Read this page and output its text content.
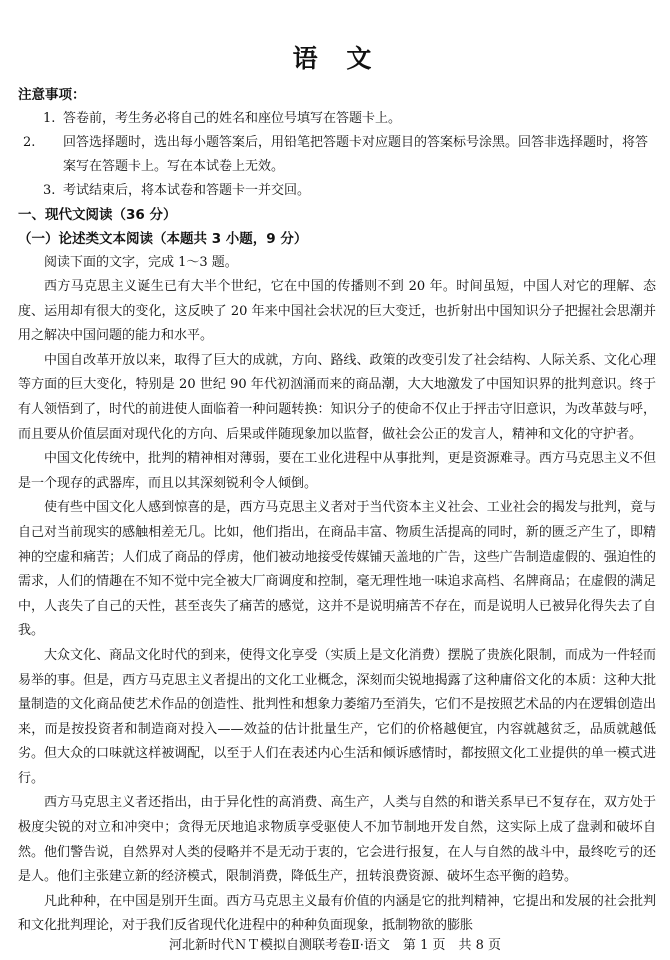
语 文
注意事项：
1. 答卷前，考生务必将自己的姓名和座位号填写在答题卡上。
2. 回答选择题时，选出每小题答案后，用铅笔把答题卡对应题目的答案标号涂黑。回答非选择题时，将答案写在答题卡上。写在本试卷上无效。
3. 考试结束后，将本试卷和答题卡一并交回。
一、现代文阅读（36 分）
（一）论述类文本阅读（本题共 3 小题，9 分）
阅读下面的文字，完成 1～3 题。

西方马克思主义诞生已有大半个世纪，它在中国的传播则不到 20 年。时间虽短，中国人对它的理解、态度、运用却有很大的变化，这反映了 20 年来中国社会状况的巨大变迁，也折射出中国知识分子把握社会思潮并用之解决中国问题的能力和水平。

中国自改革开放以来，取得了巨大的成就，方向、路线、政策的改变引发了社会结构、人际关系、文化心理等方面的巨大变化，特别是 20 世纪 90 年代初汹涌而来的商品潮，大大地激发了中国知识界的批判意识。终于有人领悟到了，时代的前进使人面临着一种问题转换：知识分子的使命不仅止于抨击守旧意识，为改革鼓与呼，而且要从价值层面对现代化的方向、后果或伴随现象加以监督，做社会公正的发言人，精神和文化的守护者。

中国文化传统中，批判的精神相对薄弱，要在工业化进程中从事批判，更是资源难寻。西方马克思主义不但是一个现存的武器库，而且以其深刻锐利令人倾倒。

使有些中国文化人感到惊喜的是，西方马克思主义者对于当代资本主义社会、工业社会的揭发与批判，竟与自己对当前现实的感触相差无几。比如，他们指出，在商品丰富、物质生活提高的同时，新的匮乏产生了，即精神的空虚和痛苦；人们成了商品的俘虏，他们被动地接受传媒铺天盖地的广告，这些广告制造虚假的、强迫性的需求，人们的情趣在不知不觉中完全被大厂商调度和控制，毫无理性地一味追求高档、名牌商品；在虚假的满足中，人丧失了自己的天性，甚至丧失了痛苦的感觉，这并不是说明痛苦不存在，而是说明人已被异化得失去了自我。

大众文化、商品文化时代的到来，使得文化享受（实质上是文化消费）摆脱了贵族化限制，而成为一件轻而易举的事。但是，西方马克思主义者提出的文化工业概念，深刻而尖锐地揭露了这种庸俗文化的本质：这种大批量制造的文化商品使艺术作品的创造性、批判性和想象力萎缩乃至消失，它们不是按照艺术品的内在逻辑创造出来，而是按投资者和制造商对投入——效益的估计批量生产，它们的价格越便宜，内容就越贫乏，品质就越低劣。但大众的口味就这样被调配，以至于人们在表述内心生活和倾诉感情时，都按照文化工业提供的单一模式进行。

西方马克思主义者还指出，由于异化性的高消费、高生产，人类与自然的和谐关系早已不复存在，双方处于极度尖锐的对立和冲突中；贪得无厌地追求物质享受驱使人不加节制地开发自然，这实际上成了盘剥和破坏自然。他们警告说，自然界对人类的侵略并不是无动于衷的，它会进行报复，在人与自然的战斗中，最终吃亏的还是人。他们主张建立新的经济模式，限制消费，降低生产，扭转浪费资源、破坏生态平衡的趋势。

凡此种种，在中国是别开生面。西方马克思主义最有价值的内涵是它的批判精神，它提出和发展的社会批判和文化批判理论，对于我们反省现代化进程中的种种负面现象，抵制物欲的膨胀

河北新时代ＮＴ模拟自测联考卷Ⅱ·语文　第 1 页　共 8 页
